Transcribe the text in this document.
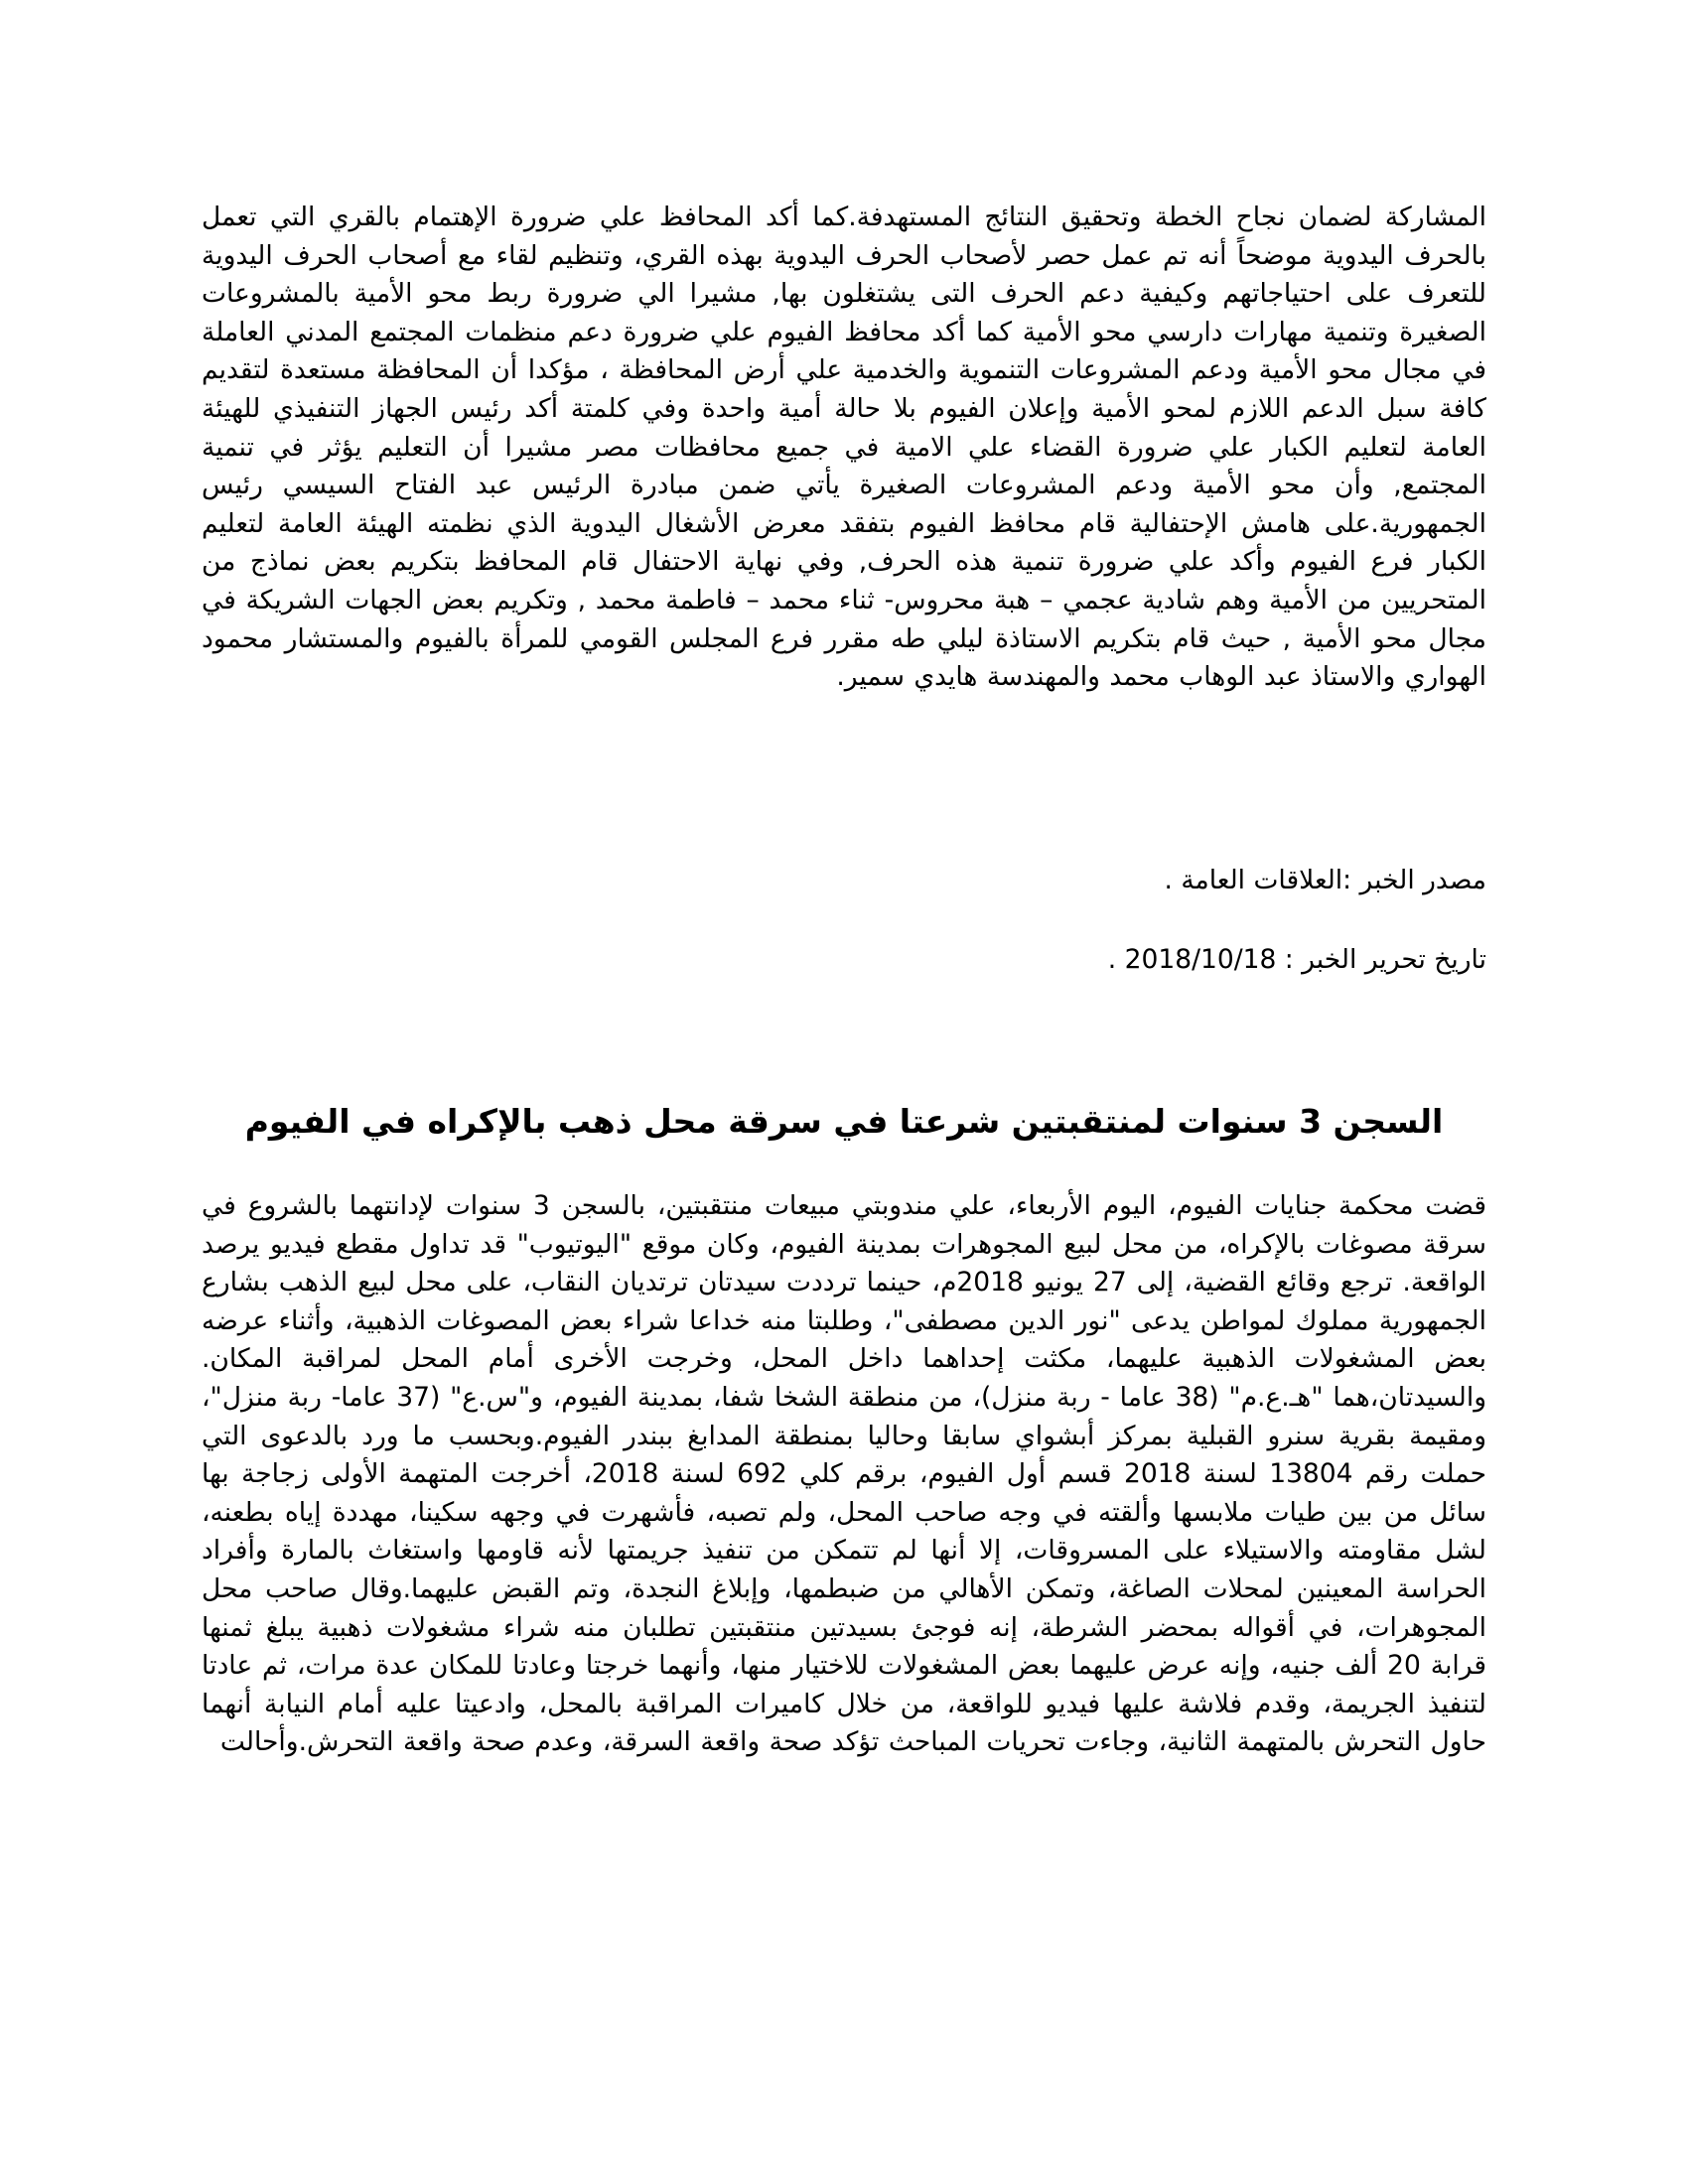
المشاركة لضمان نجاح الخطة وتحقيق النتائج المستهدفة.كما أكد المحافظ علي ضرورة الإهتمام بالقري التي تعمل بالحرف اليدوية موضحاً أنه تم عمل حصر لأصحاب الحرف اليدوية بهذه القري، وتنظيم لقاء مع أصحاب الحرف اليدوية للتعرف على احتياجاتهم وكيفية دعم الحرف التى يشتغلون بها, مشيرا الي ضرورة ربط محو الأمية بالمشروعات الصغيرة وتنمية مهارات دارسي محو الأمية كما أكد محافظ الفيوم علي ضرورة دعم منظمات المجتمع المدني العاملة في مجال محو الأمية ودعم المشروعات التنموية والخدمية علي أرض المحافظة ، مؤكدا أن المحافظة مستعدة لتقديم كافة سبل الدعم اللازم لمحو الأمية وإعلان الفيوم بلا حالة أمية واحدة وفي كلمتة أكد رئيس الجهاز التنفيذي للهيئة العامة لتعليم الكبار علي ضرورة القضاء علي الامية في جميع محافظات مصر مشيرا أن التعليم يؤثر في تنمية المجتمع, وأن محو الأمية ودعم المشروعات الصغيرة يأتي ضمن مبادرة الرئيس عبد الفتاح السيسي رئيس الجمهورية.على هامش الإحتفالية قام محافظ الفيوم بتفقد معرض الأشغال اليدوية الذي نظمته الهيئة العامة لتعليم الكبار فرع الفيوم وأكد علي ضرورة تنمية هذه الحرف, وفي نهاية الاحتفال قام المحافظ بتكريم بعض نماذج من المتحريين من الأمية وهم شادية عجمي – هبة محروس- ثناء محمد – فاطمة محمد , وتكريم بعض الجهات الشريكة في مجال محو الأمية , حيث قام بتكريم الاستاذة ليلي طه مقرر فرع المجلس القومي للمرأة بالفيوم والمستشار محمود الهواري والاستاذ عبد الوهاب محمد والمهندسة هايدي سمير.

مصدر الخبر :العلاقات العامة .

تاريخ تحرير الخبر : 2018/10/18 .

السجن 3 سنوات لمنتقبتين شرعتا في سرقة محل ذهب بالإكراه في الفيوم

قضت محكمة جنايات الفيوم، اليوم الأربعاء، علي مندوبتي مبيعات منتقبتين، بالسجن 3 سنوات لإدانتهما بالشروع في سرقة مصوغات بالإكراه، من محل لبيع المجوهرات بمدينة الفيوم، وكان موقع "اليوتيوب" قد تداول مقطع فيديو يرصد الواقعة. ترجع وقائع القضية، إلى 27 يونيو 2018م، حينما ترددت سيدتان ترتديان النقاب، على محل لبيع الذهب بشارع الجمهورية مملوك لمواطن يدعى "نور الدين مصطفى"، وطلبتا منه خداعا شراء بعض المصوغات الذهبية، وأثناء عرضه بعض المشغولات الذهبية عليهما، مكثت إحداهما داخل المحل، وخرجت الأخرى أمام المحل لمراقبة المكان. والسيدتان،هما "هـ.ع.م" (38 عاما - ربة منزل)، من منطقة الشخا شفا، بمدينة الفيوم، و"س.ع" (37 عاما- ربة منزل"، ومقيمة بقرية سنرو القبلية بمركز أبشواي سابقا وحاليا بمنطقة المدابغ ببندر الفيوم.وبحسب ما ورد بالدعوى التي حملت رقم 13804 لسنة 2018 قسم أول الفيوم، برقم كلي 692 لسنة 2018، أخرجت المتهمة الأولى زجاجة بها سائل من بين طيات ملابسها وألقته في وجه صاحب المحل، ولم تصبه، فأشهرت في وجهه سكينا، مهددة إياه بطعنه، لشل مقاومته والاستيلاء على المسروقات، إلا أنها لم تتمكن من تنفيذ جريمتها لأنه قاومها واستغاث بالمارة وأفراد الحراسة المعينين لمحلات الصاغة، وتمكن الأهالي من ضبطمها، وإبلاغ النجدة، وتم القبض عليهما.وقال صاحب محل المجوهرات، في أقواله بمحضر الشرطة، إنه فوجئ بسيدتين منتقبتين تطلبان منه شراء مشغولات ذهبية يبلغ ثمنها قرابة 20 ألف جنيه، وإنه عرض عليهما بعض المشغولات للاختيار منها، وأنهما خرجتا وعادتا للمكان عدة مرات، ثم عادتا لتنفيذ الجريمة، وقدم فلاشة عليها فيديو للواقعة، من خلال كاميرات المراقبة بالمحل، وادعيتا عليه أمام النيابة أنهما حاول التحرش بالمتهمة الثانية، وجاءت تحريات المباحث تؤكد صحة واقعة السرقة، وعدم صحة واقعة التحرش.وأحالت
